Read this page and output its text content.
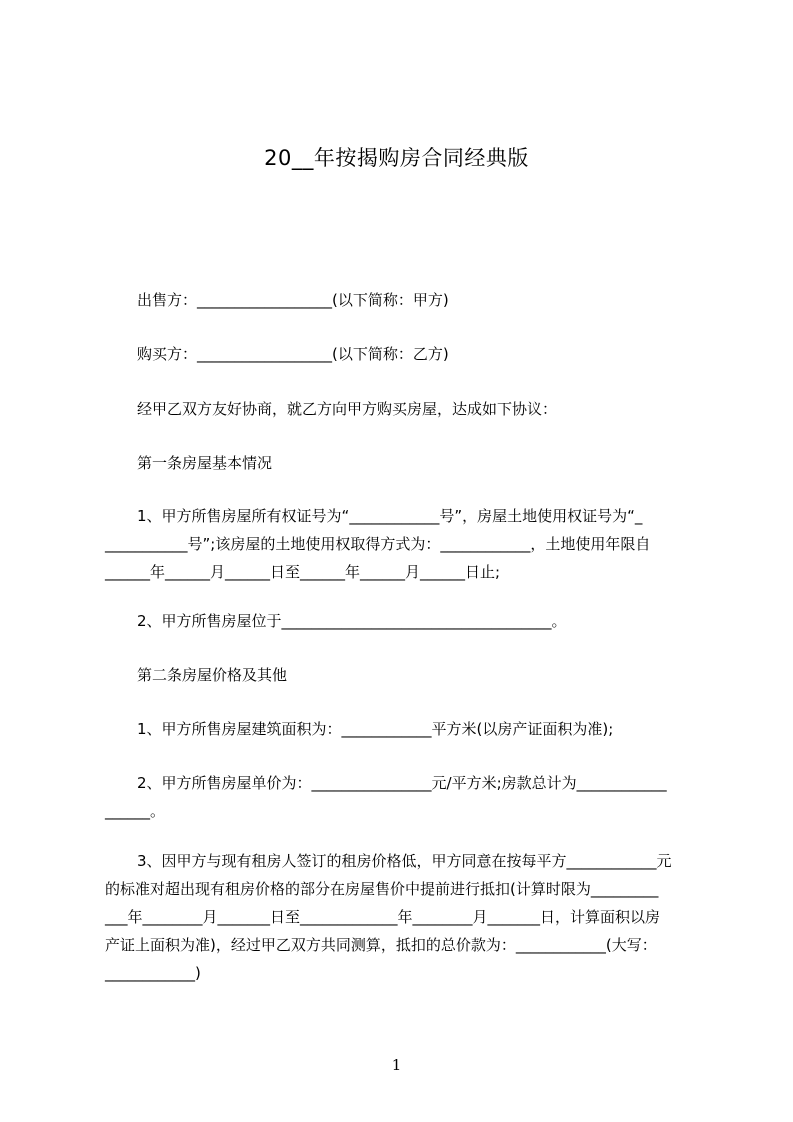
20__年按揭购房合同经典版
出售方：__________________(以下简称：甲方)
购买方：__________________(以下简称：乙方)
经甲乙双方友好协商，就乙方向甲方购买房屋，达成如下协议：
第一条房屋基本情况
1、甲方所售房屋所有权证号为“____________号”，房屋土地使用权证号为“_
___________号”;该房屋的土地使用权取得方式为：____________，土地使用年限自
______年______月______日至______年______月______日止;
2、甲方所售房屋位于____________________________________。
第二条房屋价格及其他
1、甲方所售房屋建筑面积为：____________平方米(以房产证面积为准);
2、甲方所售房屋单价为：________________元/平方米;房款总计为____________
______。
3、因甲方与现有租房人签订的租房价格低，甲方同意在按每平方____________元
的标准对超出现有租房价格的部分在房屋售价中提前进行抵扣(计算时限为_________
___年________月_______日至_____________年________月_______日，计算面积以房
产证上面积为准)，经过甲乙双方共同测算，抵扣的总价款为：____________(大写：
____________)
1
